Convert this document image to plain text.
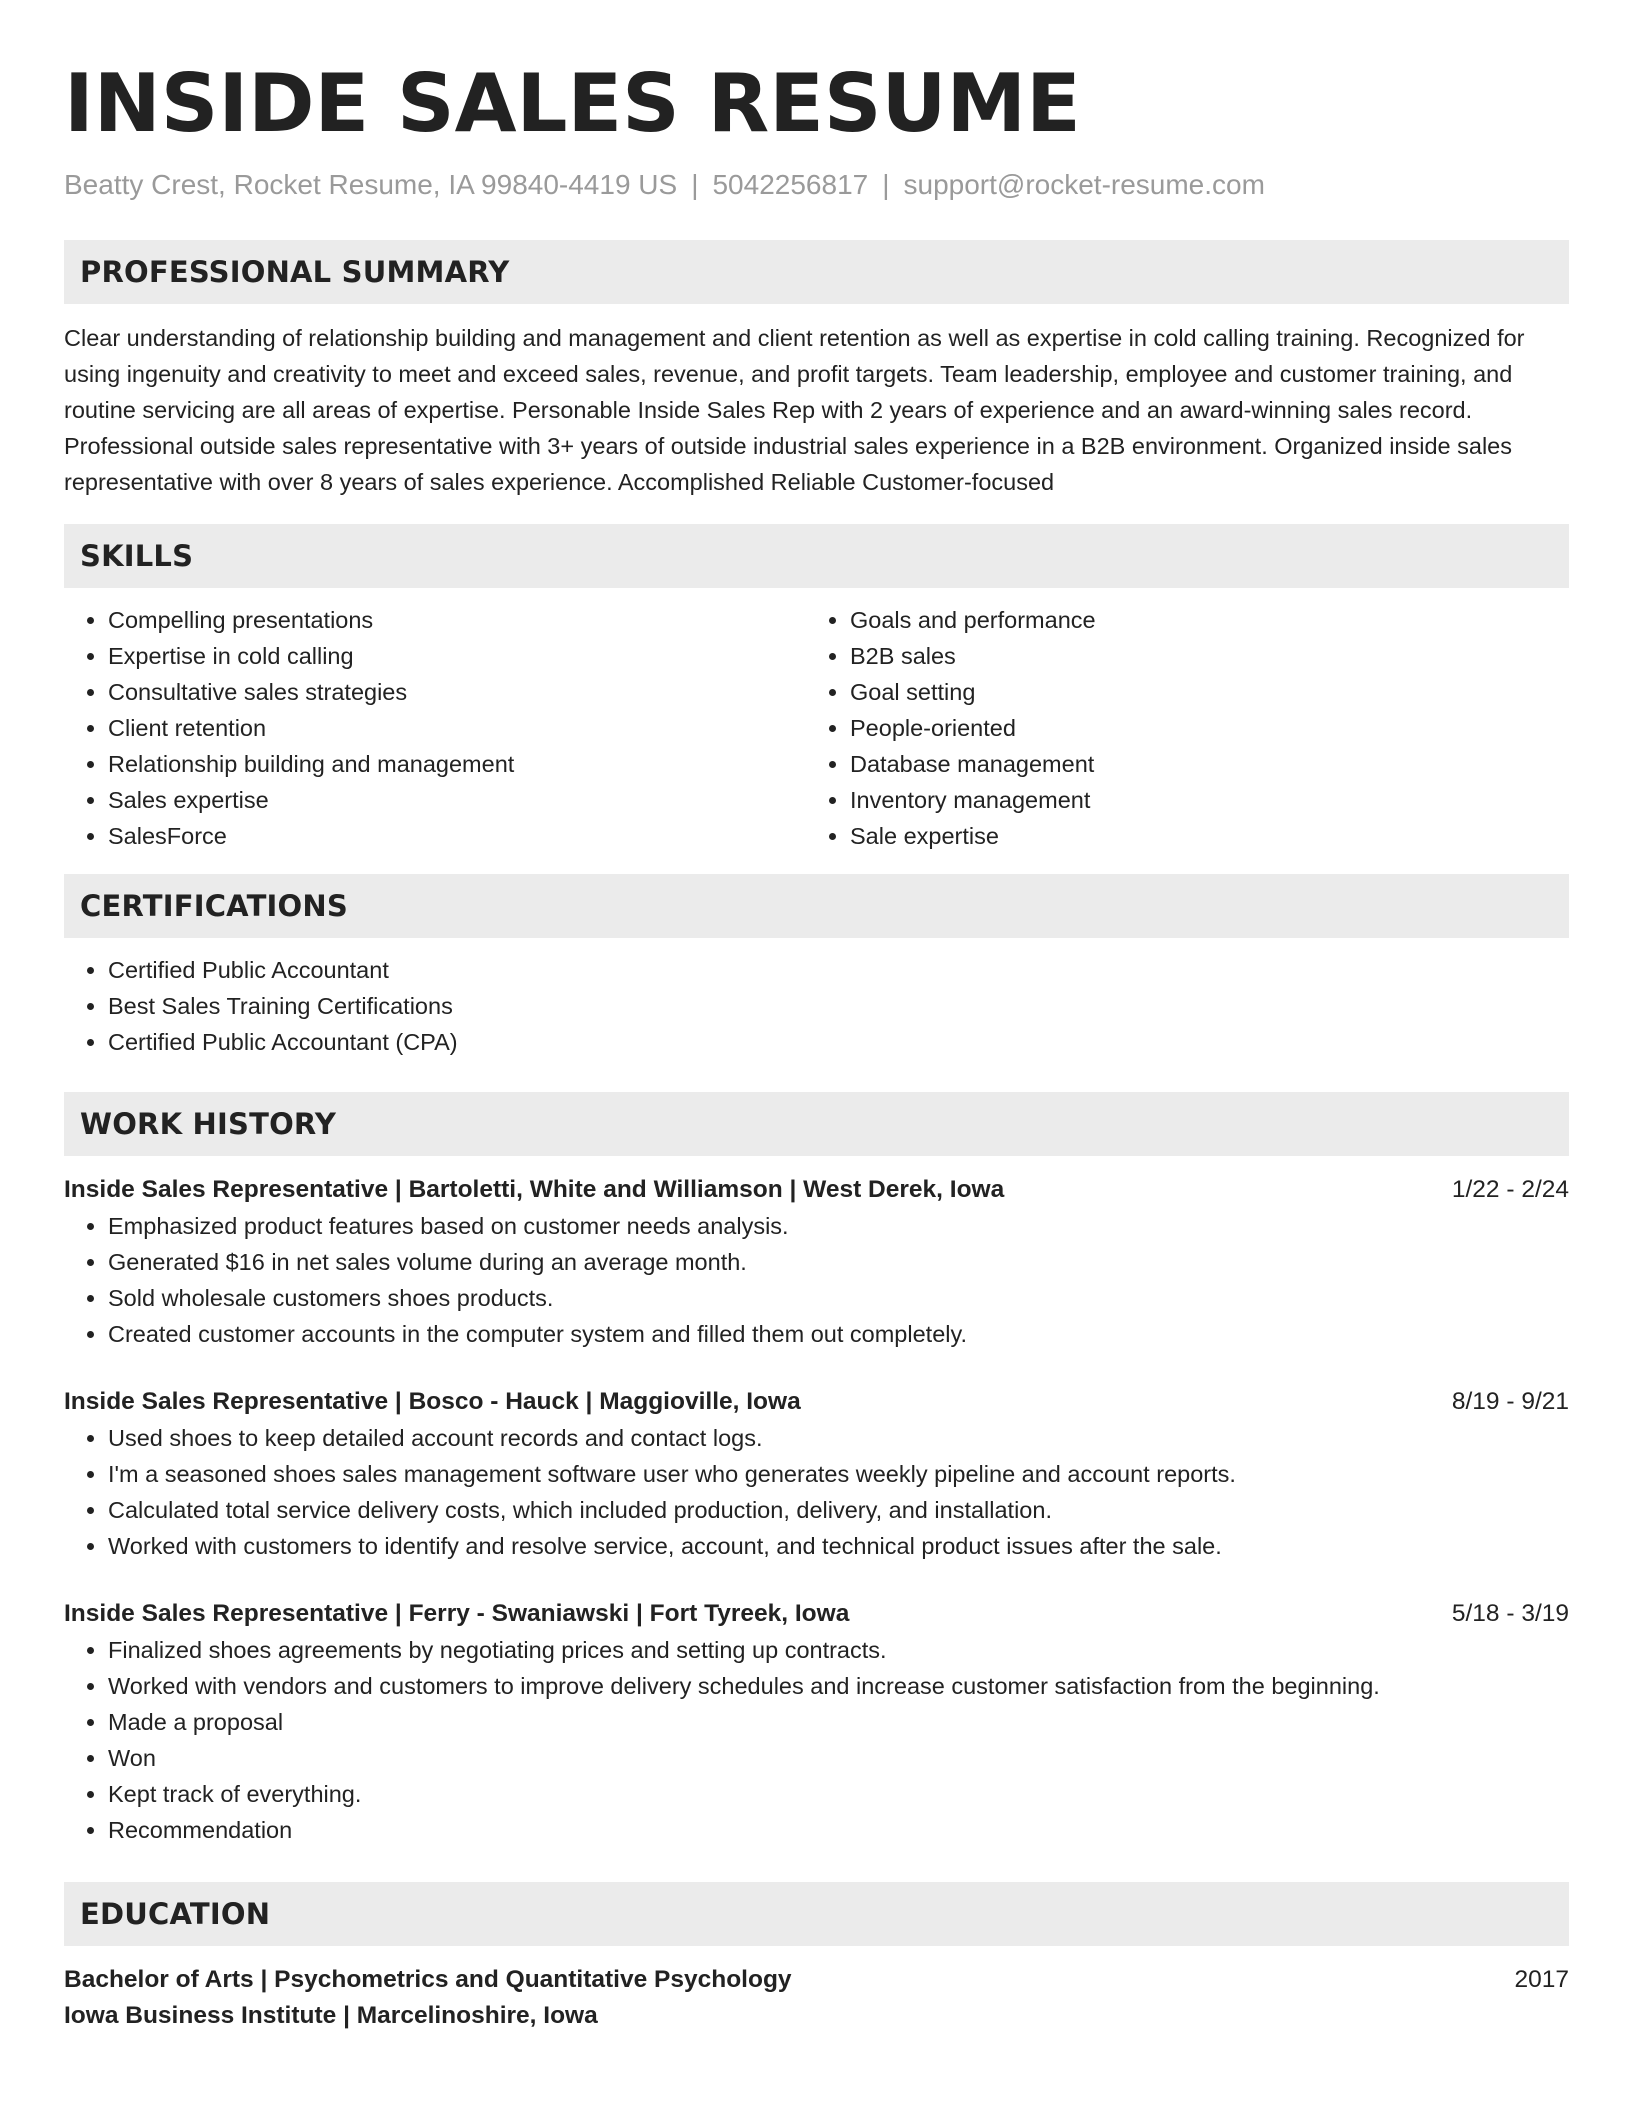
INSIDE SALES RESUME
Beatty Crest, Rocket Resume, IA 99840-4419 US | 5042256817 | support@rocket-resume.com
PROFESSIONAL SUMMARY

Clear understanding of relationship building and management and client retention as well as expertise in cold calling training. Recognized for using ingenuity and creativity to meet and exceed sales, revenue, and profit targets. Team leadership, employee and customer training, and routine servicing are all areas of expertise. Personable Inside Sales Rep with 2 years of experience and an award-winning sales record. Professional outside sales representative with 3+ years of outside industrial sales experience in a B2B environment. Organized inside sales representative with over 8 years of sales experience. Accomplished Reliable Customer-focused

SKILLS
• Compelling presentations
• Expertise in cold calling
• Consultative sales strategies
• Client retention
• Relationship building and management
• Sales expertise
• SalesForce
• Goals and performance
• B2B sales
• Goal setting
• People-oriented
• Database management
• Inventory management
• Sale expertise
CERTIFICATIONS
• Certified Public Accountant
• Best Sales Training Certifications
• Certified Public Accountant (CPA)
WORK HISTORY
Inside Sales Representative | Bartoletti, White and Williamson | West Derek, Iowa	1/22 - 2/24
• Emphasized product features based on customer needs analysis.
• Generated $16 in net sales volume during an average month.
• Sold wholesale customers shoes products.
• Created customer accounts in the computer system and filled them out completely.
Inside Sales Representative | Bosco - Hauck | Maggioville, Iowa	8/19 - 9/21
• Used shoes to keep detailed account records and contact logs.
• I'm a seasoned shoes sales management software user who generates weekly pipeline and account reports.
• Calculated total service delivery costs, which included production, delivery, and installation.
• Worked with customers to identify and resolve service, account, and technical product issues after the sale.
Inside Sales Representative | Ferry - Swaniawski | Fort Tyreek, Iowa	5/18 - 3/19
• Finalized shoes agreements by negotiating prices and setting up contracts.
• Worked with vendors and customers to improve delivery schedules and increase customer satisfaction from the beginning.
• Made a proposal
• Won
• Kept track of everything.
• Recommendation
EDUCATION
Bachelor of Arts | Psychometrics and Quantitative Psychology	2017
Iowa Business Institute | Marcelinoshire, Iowa
